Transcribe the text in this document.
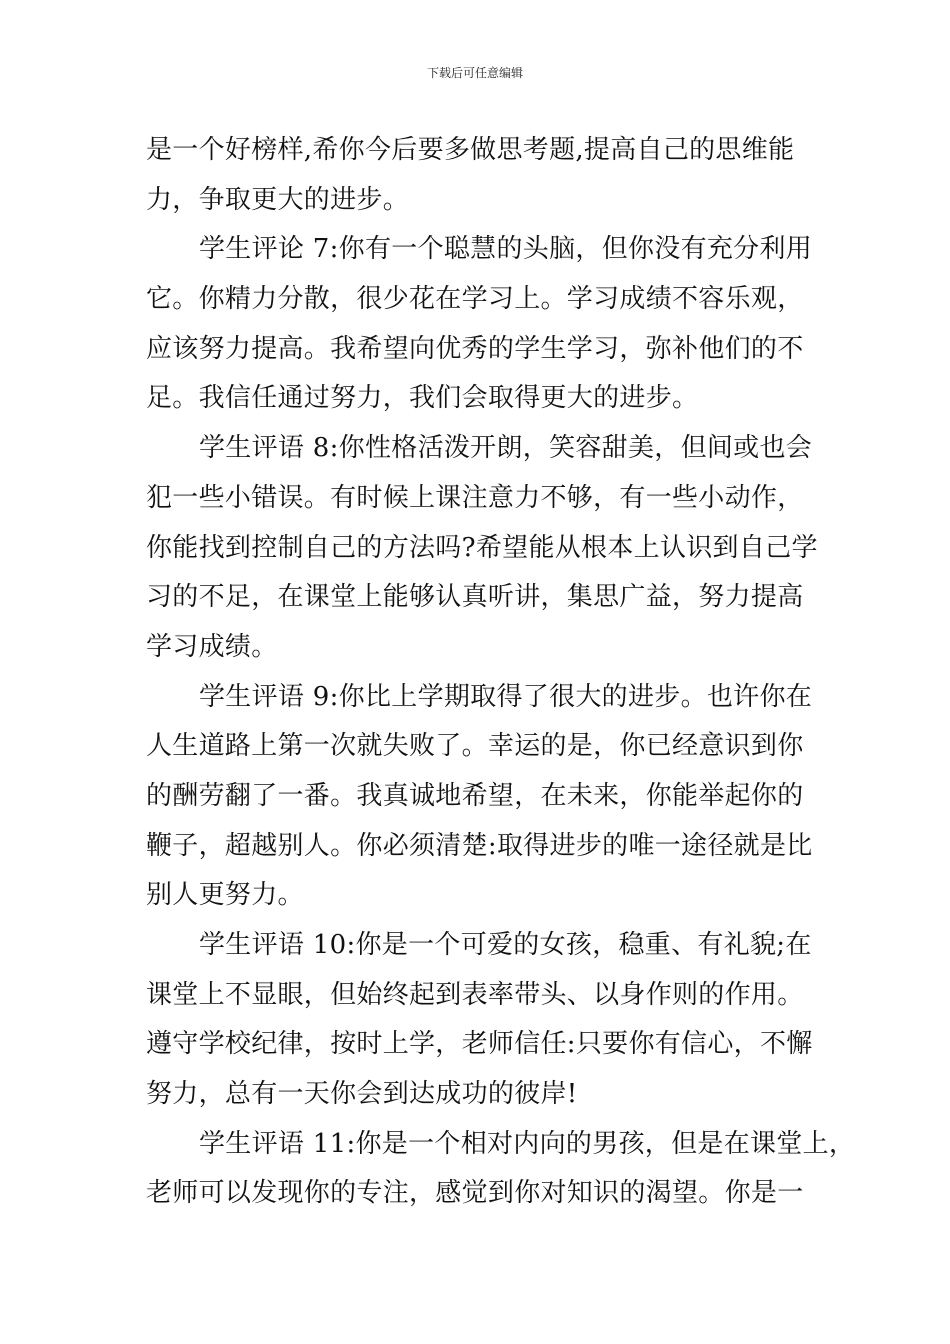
下载后可任意编辑
是一个好榜样,希你今后要多做思考题,提高自己的思维能
力，争取更大的进步。
学生评论 7:你有一个聪慧的头脑，但你没有充分利用
它。你精力分散，很少花在学习上。学习成绩不容乐观，
应该努力提高。我希望向优秀的学生学习，弥补他们的不
足。我信任通过努力，我们会取得更大的进步。
学生评语 8:你性格活泼开朗，笑容甜美，但间或也会
犯一些小错误。有时候上课注意力不够，有一些小动作，
你能找到控制自己的方法吗?希望能从根本上认识到自己学
习的不足，在课堂上能够认真听讲，集思广益，努力提高
学习成绩。
学生评语 9:你比上学期取得了很大的进步。也许你在
人生道路上第一次就失败了。幸运的是，你已经意识到你
的酬劳翻了一番。我真诚地希望，在未来，你能举起你的
鞭子，超越别人。你必须清楚:取得进步的唯一途径就是比
别人更努力。
学生评语 10:你是一个可爱的女孩，稳重、有礼貌;在
课堂上不显眼，但始终起到表率带头、以身作则的作用。
遵守学校纪律，按时上学，老师信任:只要你有信心，不懈
努力，总有一天你会到达成功的彼岸!
学生评语 11:你是一个相对内向的男孩，但是在课堂上，
老师可以发现你的专注，感觉到你对知识的渴望。你是一
